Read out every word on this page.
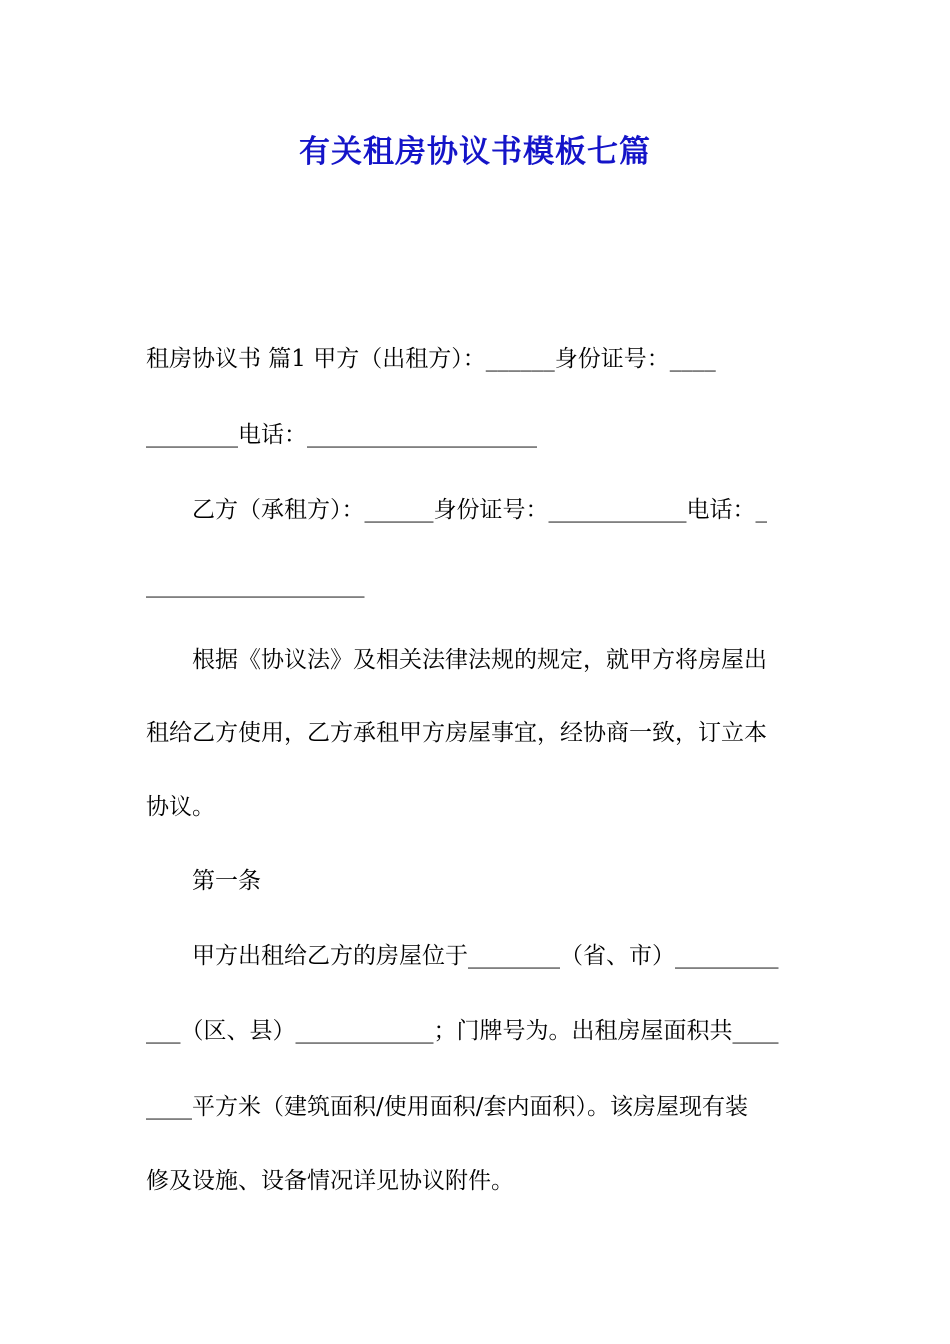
有关租房协议书模板七篇
租房协议书 篇1 甲方（出租方）：______身份证号：____
________电话：____________________
乙方（承租方）：______身份证号：____________电话：_
___________________
根据《协议法》及相关法律法规的规定，就甲方将房屋出
租给乙方使用，乙方承租甲方房屋事宜，经协商一致，订立本
协议。
第一条
甲方出租给乙方的房屋位于________（省、市）_________
___（区、县）____________；门牌号为。出租房屋面积共____
____平方米（建筑面积/使用面积/套内面积）。该房屋现有装
修及设施、设备情况详见协议附件。
